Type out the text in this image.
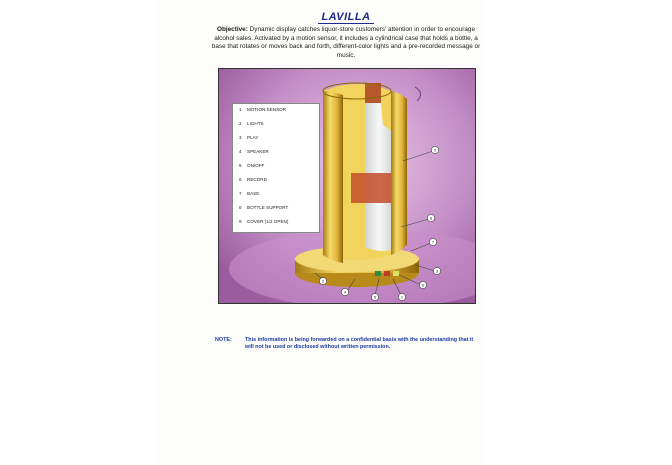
LAVILLA
Objective: Dynamic display catches liquor-store customers' attention in order to encourage alcohol sales. Activated by a motion sensor, it includes a cylindrical case that holds a bottle, a base that rotates or moves back and forth, different-color lights and a pre-recorded message or music.
9
8
7
3
6
1
5
4
2
1 MOTION SENSOR
2 LIGHTS
3 PLAY
4 SPEAKER
5 ON/OFF
6 RECORD
7 BASE
8 BOTTLE SUPPORT
9 COVER (1/2 OPEN)
NOTE: This information is being forwarded on a confidential basis with the understanding that it will not be used or disclosed without written permission.
